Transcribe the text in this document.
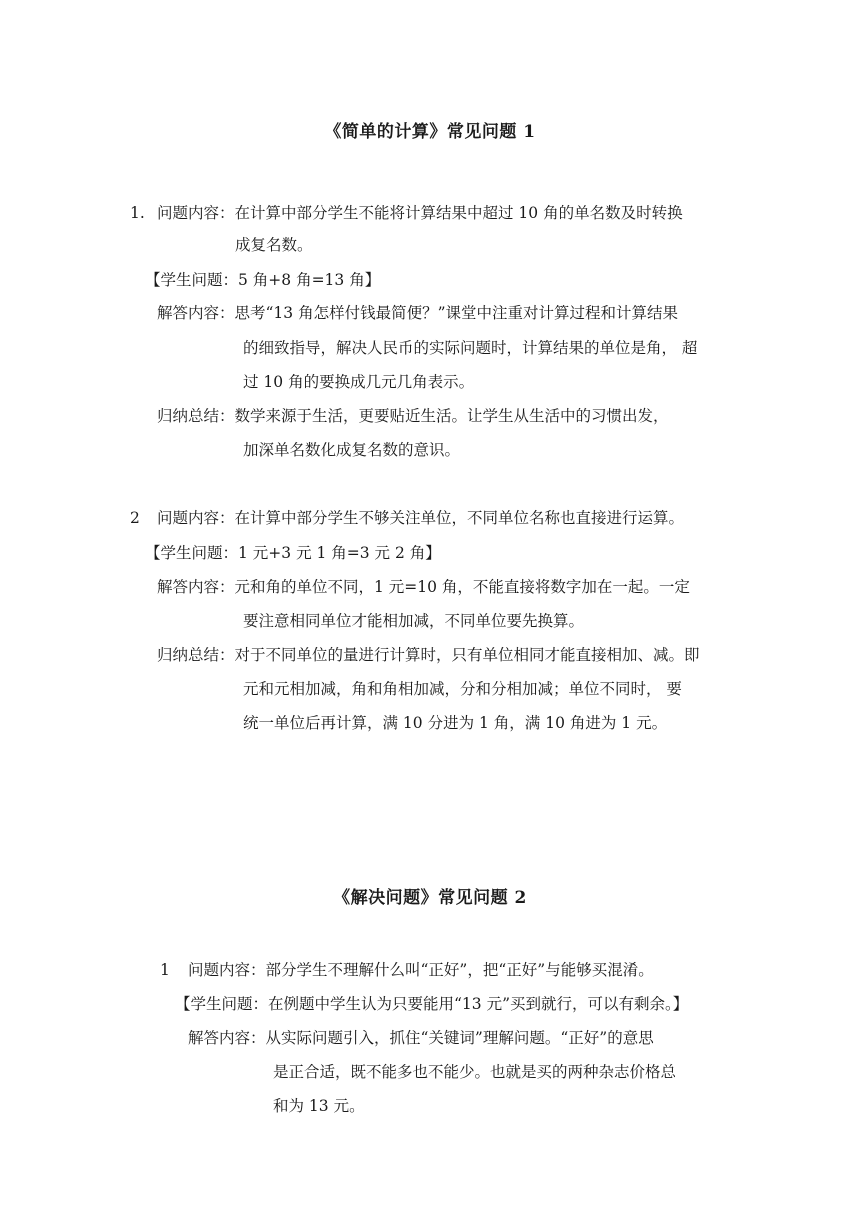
《简单的计算》常见问题 1
1. 问题内容：在计算中部分学生不能将计算结果中超过 10 角的单名数及时转换
成复名数。
【学生问题：5 角+8 角=13 角】
解答内容：思考“13 角怎样付钱最简便？”课堂中注重对计算过程和计算结果
的细致指导，解决人民币的实际问题时，计算结果的单位是角， 超
过 10 角的要换成几元几角表示。
归纳总结：数学来源于生活，更要贴近生活。让学生从生活中的习惯出发，
加深单名数化成复名数的意识。
2 问题内容：在计算中部分学生不够关注单位，不同单位名称也直接进行运算。
【学生问题：1 元+3 元 1 角=3 元 2 角】
解答内容：元和角的单位不同，1 元=10 角，不能直接将数字加在一起。一定
要注意相同单位才能相加减，不同单位要先换算。
归纳总结：对于不同单位的量进行计算时，只有单位相同才能直接相加、减。即
元和元相加减，角和角相加减，分和分相加减；单位不同时， 要
统一单位后再计算，满 10 分进为 1 角，满 10 角进为 1 元。
《解决问题》常见问题 2
1 问题内容：部分学生不理解什么叫“正好”，把“正好”与能够买混淆。
【学生问题：在例题中学生认为只要能用“13 元”买到就行，可以有剩余。】
解答内容：从实际问题引入，抓住“关键词”理解问题。“正好”的意思
是正合适，既不能多也不能少。也就是买的两种杂志价格总
和为 13 元。
